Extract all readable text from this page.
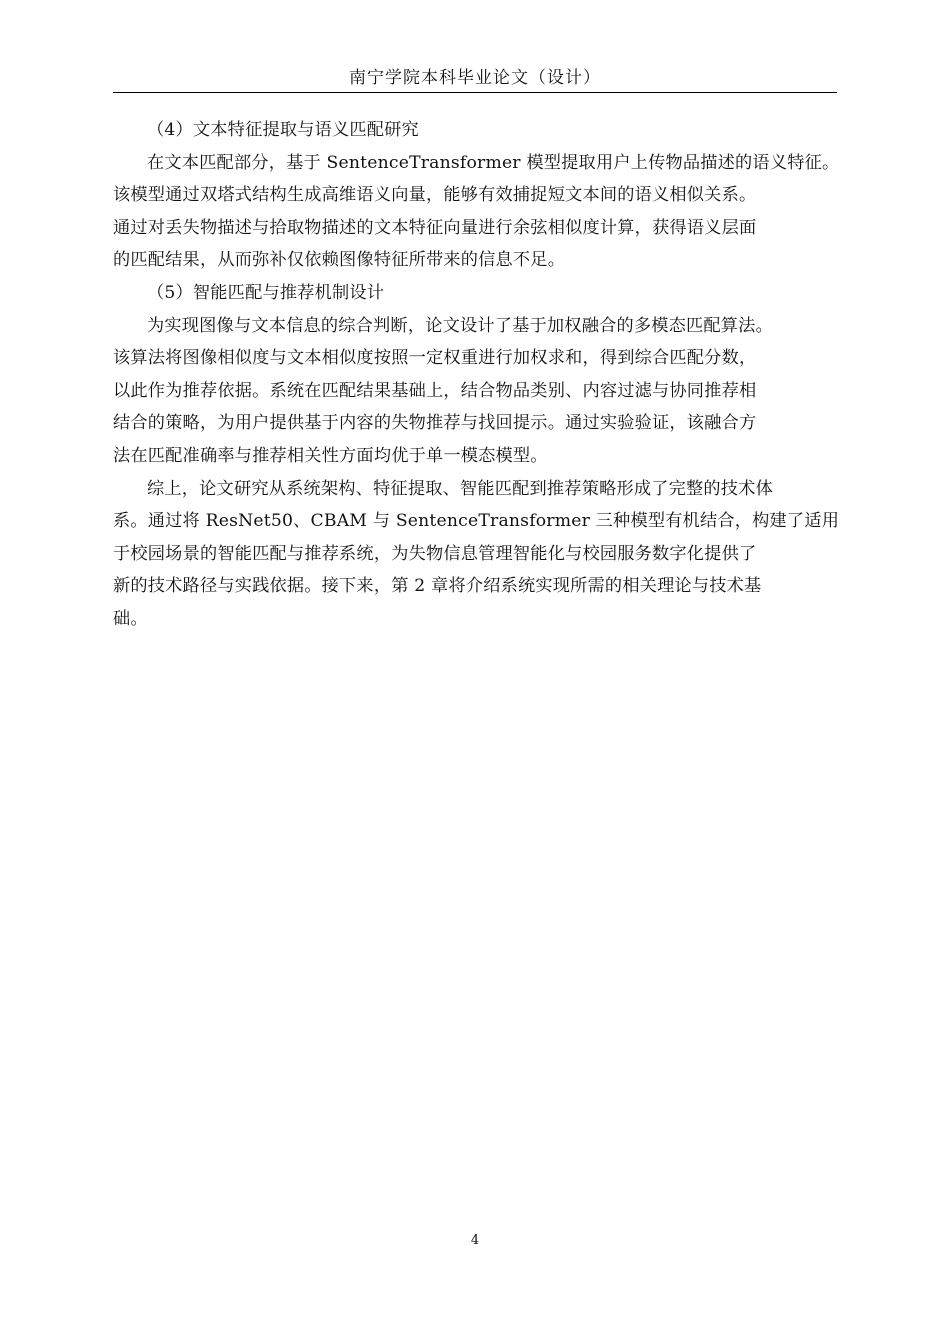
南宁学院本科毕业论文（设计）
（4）文本特征提取与语义匹配研究
在文本匹配部分，基于 SentenceTransformer 模型提取用户上传物品描述的语义特征。
该模型通过双塔式结构生成高维语义向量，能够有效捕捉短文本间的语义相似关系。
通过对丢失物描述与拾取物描述的文本特征向量进行余弦相似度计算，获得语义层面
的匹配结果，从而弥补仅依赖图像特征所带来的信息不足。
（5）智能匹配与推荐机制设计
为实现图像与文本信息的综合判断，论文设计了基于加权融合的多模态匹配算法。
该算法将图像相似度与文本相似度按照一定权重进行加权求和，得到综合匹配分数，
以此作为推荐依据。系统在匹配结果基础上，结合物品类别、内容过滤与协同推荐相
结合的策略，为用户提供基于内容的失物推荐与找回提示。通过实验验证，该融合方
法在匹配准确率与推荐相关性方面均优于单一模态模型。
综上，论文研究从系统架构、特征提取、智能匹配到推荐策略形成了完整的技术体
系。通过将 ResNet50、CBAM 与 SentenceTransformer 三种模型有机结合，构建了适用
于校园场景的智能匹配与推荐系统，为失物信息管理智能化与校园服务数字化提供了
新的技术路径与实践依据。接下来，第 2 章将介绍系统实现所需的相关理论与技术基
础。
4
